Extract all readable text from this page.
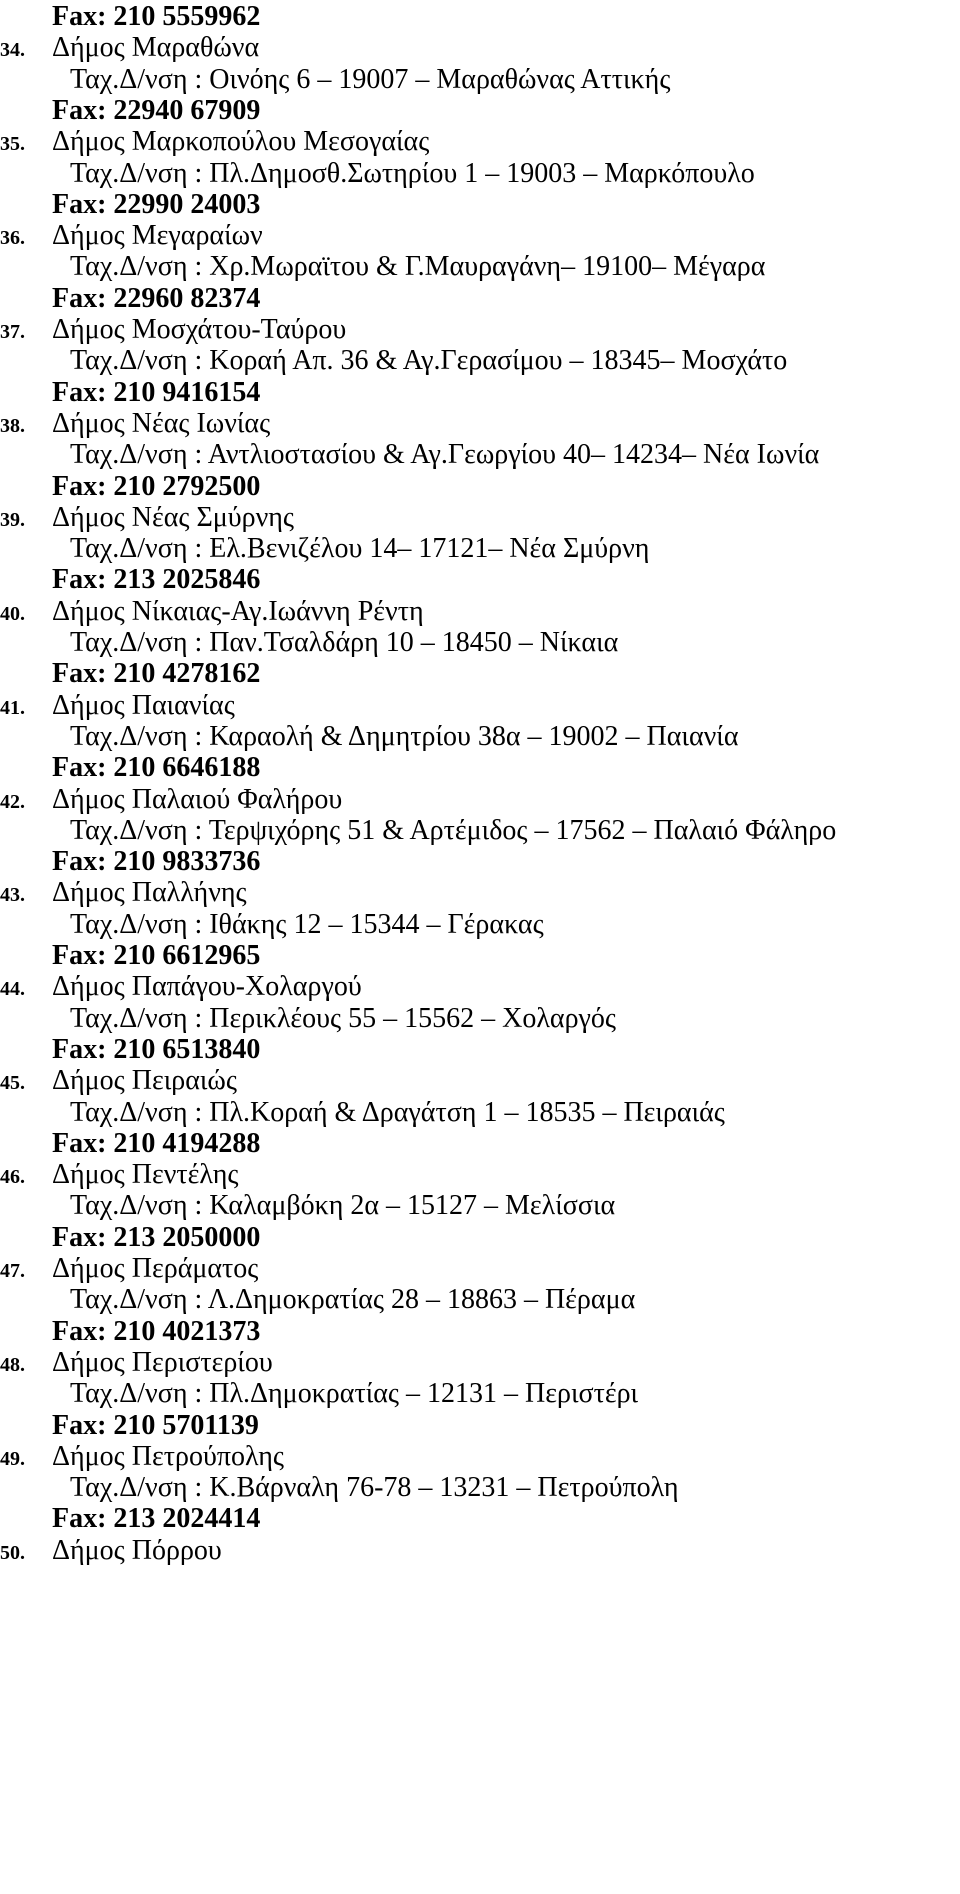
Fax: 210 5559962
34. Δήμος Μαραθώνα
Ταχ.Δ/νση : Οινόης 6 – 19007 – Μαραθώνας Αττικής
Fax: 22940 67909
35. Δήμος Μαρκοπούλου Μεσογαίας
Ταχ.Δ/νση : Πλ.Δημοσθ.Σωτηρίου 1 – 19003 – Μαρκόπουλο
Fax: 22990 24003
36. Δήμος Μεγαραίων
Ταχ.Δ/νση : Χρ.Μωραϊτου & Γ.Μαυραγάνη– 19100– Μέγαρα
Fax: 22960 82374
37. Δήμος Μοσχάτου-Ταύρου
Ταχ.Δ/νση : Κοραή Απ. 36 & Αγ.Γερασίμου – 18345– Μοσχάτο
Fax: 210 9416154
38. Δήμος Νέας Ιωνίας
Ταχ.Δ/νση : Αντλιοστασίου & Αγ.Γεωργίου 40– 14234– Νέα Ιωνία
Fax: 210 2792500
39. Δήμος Νέας Σμύρνης
Ταχ.Δ/νση : Ελ.Βενιζέλου 14– 17121– Νέα Σμύρνη
Fax: 213 2025846
40. Δήμος Νίκαιας-Αγ.Ιωάννη Ρέντη
Ταχ.Δ/νση : Παν.Τσαλδάρη 10 – 18450 – Νίκαια
Fax: 210 4278162
41. Δήμος Παιανίας
Ταχ.Δ/νση : Καραολή & Δημητρίου 38α – 19002 – Παιανία
Fax: 210 6646188
42. Δήμος Παλαιού Φαλήρου
Ταχ.Δ/νση : Τερψιχόρης 51 & Αρτέμιδος – 17562 – Παλαιό Φάληρο
Fax: 210 9833736
43. Δήμος Παλλήνης
Ταχ.Δ/νση : Ιθάκης 12 – 15344 – Γέρακας
Fax: 210 6612965
44. Δήμος Παπάγου-Χολαργού
Ταχ.Δ/νση : Περικλέους 55 – 15562 – Χολαργός
Fax: 210 6513840
45. Δήμος Πειραιώς
Ταχ.Δ/νση : Πλ.Κοραή & Δραγάτση 1 – 18535 – Πειραιάς
Fax: 210 4194288
46. Δήμος Πεντέλης
Ταχ.Δ/νση : Καλαμβόκη 2α – 15127 – Μελίσσια
Fax: 213 2050000
47. Δήμος Περάματος
Ταχ.Δ/νση : Λ.Δημοκρατίας 28 – 18863 – Πέραμα
Fax: 210 4021373
48. Δήμος Περιστερίου
Ταχ.Δ/νση : Πλ.Δημοκρατίας – 12131 – Περιστέρι
Fax: 210 5701139
49. Δήμος Πετρούπολης
Ταχ.Δ/νση : Κ.Βάρναλη 76-78 – 13231 – Πετρούπολη
Fax: 213 2024414
50. Δήμος Πόρρου
